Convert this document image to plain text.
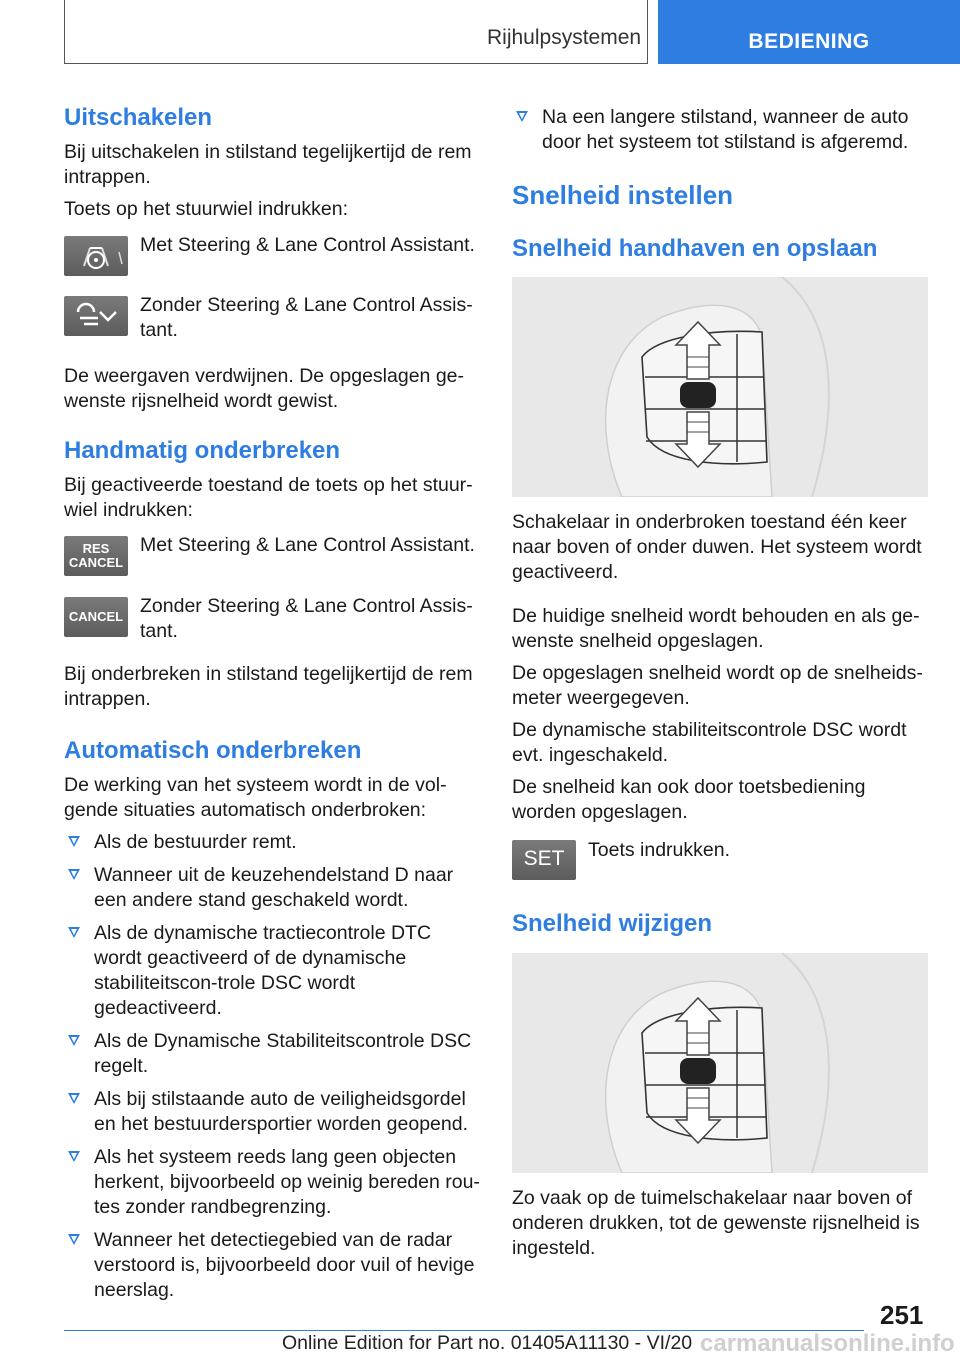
Rijhulpsystemen	BEDIENING
Uitschakelen

Bij uitschakelen in stilstand tegelijkertijd de rem intrappen.

Toets op het stuurwiel indrukken:

Met Steering & Lane Control Assistant.
Zonder Steering & Lane Control Assis-tant.

De weergaven verdwijnen. De opgeslagen ge-wenste rijsnelheid wordt gewist.

Handmatig onderbreken

Bij geactiveerde toestand de toets op het stuur-wiel indrukken:

RES
CANCEL
Met Steering & Lane Control Assistant.
CANCEL Zonder Steering & Lane Control Assis-tant.

Bij onderbreken in stilstand tegelijkertijd de rem intrappen.

Automatisch onderbreken

De werking van het systeem wordt in de vol-gende situaties automatisch onderbroken:

Als de bestuurder remt.
Wanneer uit de keuzehendelstand D naar een andere stand geschakeld wordt.
Als de dynamische tractiecontrole DTC wordt geactiveerd of de dynamische stabiliteitscon-trole DSC wordt gedeactiveerd.
Als de Dynamische Stabiliteitscontrole DSC regelt.
Als bij stilstaande auto de veiligheidsgordel en het bestuurdersportier worden geopend.
Als het systeem reeds lang geen objecten herkent, bijvoorbeeld op weinig bereden rou-tes zonder randbegrenzing.
Wanneer het detectiegebied van de radar verstoord is, bijvoorbeeld door vuil of hevige neerslag.
Na een langere stilstand, wanneer de auto door het systeem tot stilstand is afgeremd.
Snelheid instellen
Snelheid handhaven en opslaan

Schakelaar in onderbroken toestand één keer naar boven of onder duwen. Het systeem wordt geactiveerd.

De huidige snelheid wordt behouden en als ge-wenste snelheid opgeslagen.

De opgeslagen snelheid wordt op de snelheids-meter weergegeven.

De dynamische stabiliteitscontrole DSC wordt evt. ingeschakeld.

De snelheid kan ook door toetsbediening worden opgeslagen.

SET	Toets indrukken.
Snelheid wijzigen

Zo vaak op de tuimelschakelaar naar boven of onderen drukken, tot de gewenste rijsnelheid is ingesteld.

251
Online Edition for Part no. 01405A11130 - VI/20 carmanualsonline.info
